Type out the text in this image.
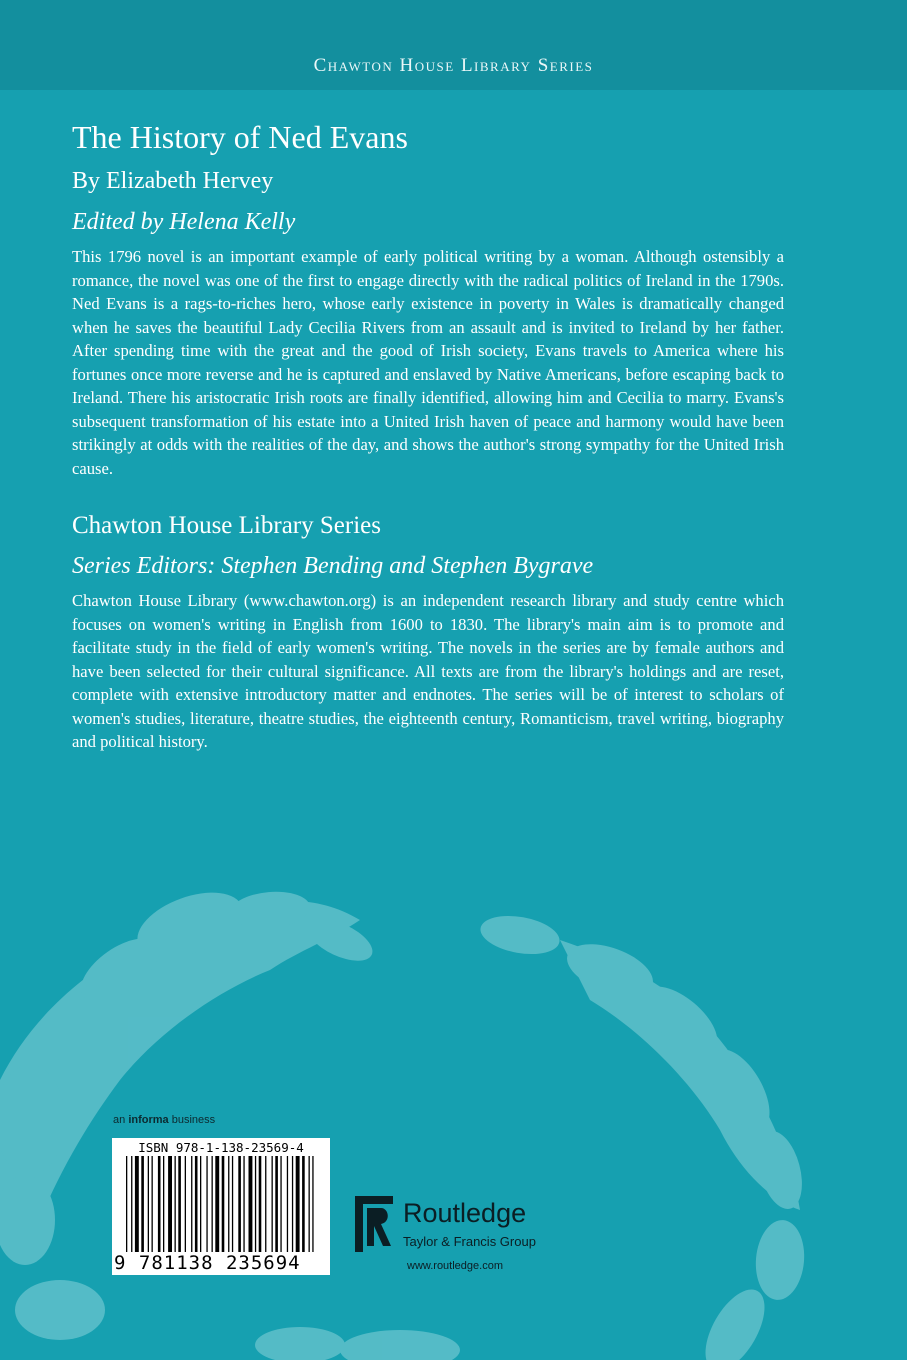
Chawton House Library Series
The History of Ned Evans
By Elizabeth Hervey
Edited by Helena Kelly

This 1796 novel is an important example of early political writing by a woman. Although ostensibly a romance, the novel was one of the first to engage directly with the radical politics of Ireland in the 1790s. Ned Evans is a rags-to-riches hero, whose early existence in poverty in Wales is dramatically changed when he saves the beautiful Lady Cecilia Rivers from an assault and is invited to Ireland by her father. After spending time with the great and the good of Irish society, Evans travels to America where his fortunes once more reverse and he is captured and enslaved by Native Americans, before escaping back to Ireland. There his aristocratic Irish roots are finally identified, allowing him and Cecilia to marry. Evans's subsequent transformation of his estate into a United Irish haven of peace and harmony would have been strikingly at odds with the realities of the day, and shows the author's strong sympathy for the United Irish cause.

Chawton House Library Series
Series Editors: Stephen Bending and Stephen Bygrave

Chawton House Library (www.chawton.org) is an independent research library and study centre which focuses on women's writing in English from 1600 to 1830. The library's main aim is to promote and facilitate study in the field of early women's writing. The novels in the series are by female authors and have been selected for their cultural significance. All texts are from the library's holdings and are reset, complete with extensive introductory matter and endnotes. The series will be of interest to scholars of women's studies, literature, theatre studies, the eighteenth century, Romanticism, travel writing, biography and political history.

an informa business
ISBN 978-1-138-23569-4
9 781138 235694
Routledge
Taylor & Francis Group
www.routledge.com
